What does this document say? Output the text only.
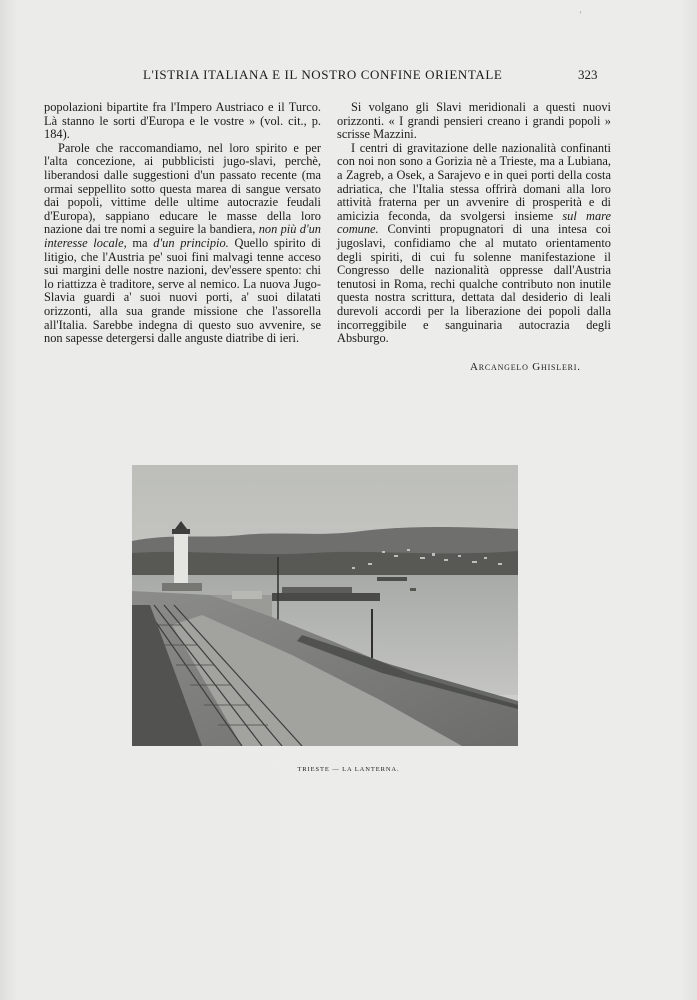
'
L'ISTRIA ITALIANA E IL NOSTRO CONFINE ORIENTALE	323

popolazioni bipartite fra l'Impero Austriaco e il Turco. Là stanno le sorti d'Europa e le vostre » (vol. cit., p. 184).

Parole che raccomandiamo, nel loro spirito e per l'alta concezione, ai pubblicisti jugo-slavi, perchè, liberandosi dalle suggestioni d'un passato recente (ma ormai seppellito sotto questa marea di sangue versato dai popoli, vittime delle ultime autocrazie feudali d'Europa), sappiano educare le masse della loro nazione dai tre nomi a seguire la bandiera, non più d'un interesse locale, ma d'un principio. Quello spirito di litigio, che l'Austria pe' suoi fini malvagi tenne acceso sui margini delle nostre nazioni, dev'essere spento: chi lo riattizza è traditore, serve al nemico. La nuova Jugo-Slavia guardi a' suoi nuovi porti, a' suoi dilatati orizzonti, alla sua grande missione che l'assorella all'Italia. Sarebbe indegna di questo suo avvenire, se non sapesse detergersi dalle anguste diatribe di ieri.

Si volgano gli Slavi meridionali a questi nuovi orizzonti. « I grandi pensieri creano i grandi popoli » scrisse Mazzini.

I centri di gravitazione delle nazionalità confinanti con noi non sono a Gorizia nè a Trieste, ma a Lubiana, a Zagreb, a Osek, a Sarajevo e in quei porti della costa adriatica, che l'Italia stessa offrirà domani alla loro attività fraterna per un avvenire di prosperità e di amicizia feconda, da svolgersi insieme sul mare comune. Convinti propugnatori di una intesa coi jugoslavi, confidiamo che al mutato orientamento degli spiriti, di cui fu solenne manifestazione il Congresso delle nazionalità oppresse dall'Austria tenutosi in Roma, rechi qualche contributo non inutile questa nostra scrittura, dettata dal desiderio di leali durevoli accordi per la liberazione dei popoli dalla incorreggibile e sanguinaria autocrazia degli Absburgo.

Arcangelo Ghisleri.
TRIESTE — LA LANTERNA.
